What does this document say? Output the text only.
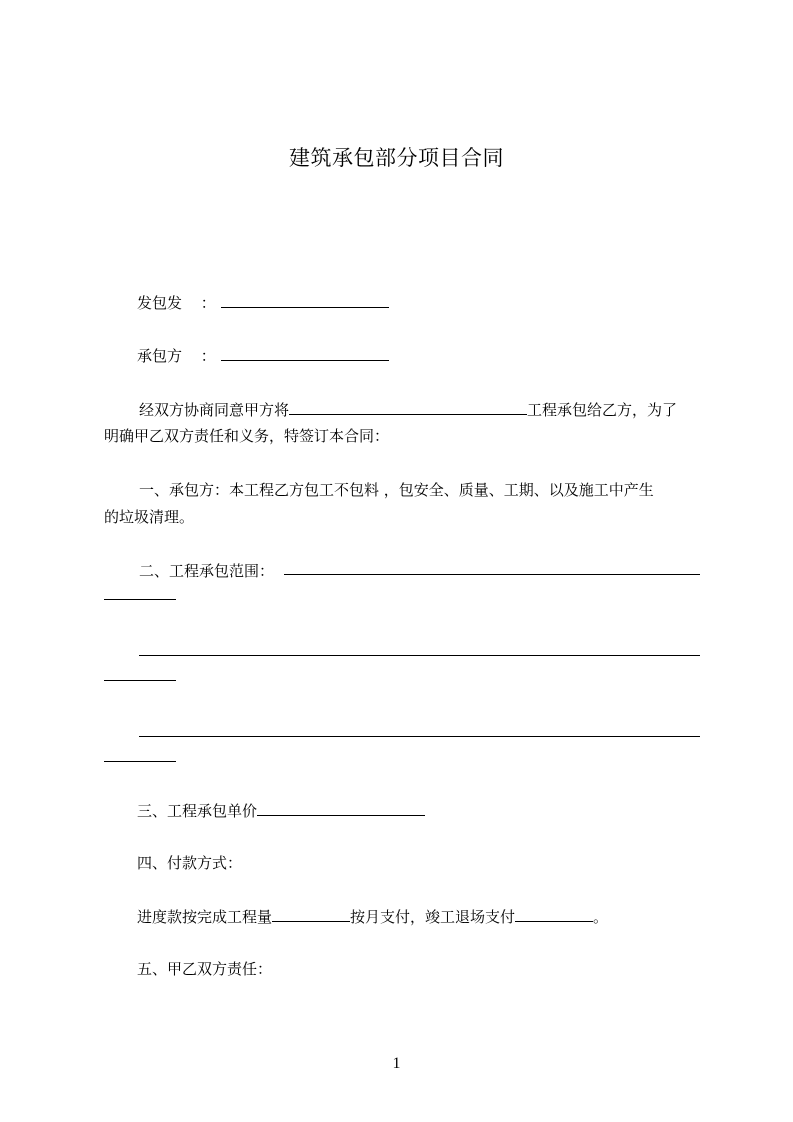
建筑承包部分项目合同
发包发 ：
承包方 ：
经双方协商同意甲方将	工程承包给乙方，为了
明确甲乙双方责任和义务，特签订本合同：
一、承包方：本工程乙方包工不包料 ，包安全、质量、工期、以及施工中产生
的垃圾清理。
二、工程承包范围：
三、工程承包单价
四、付款方式：
进度款按完成工程量	按月支付，竣工退场支付	。
五、甲乙双方责任：
1
